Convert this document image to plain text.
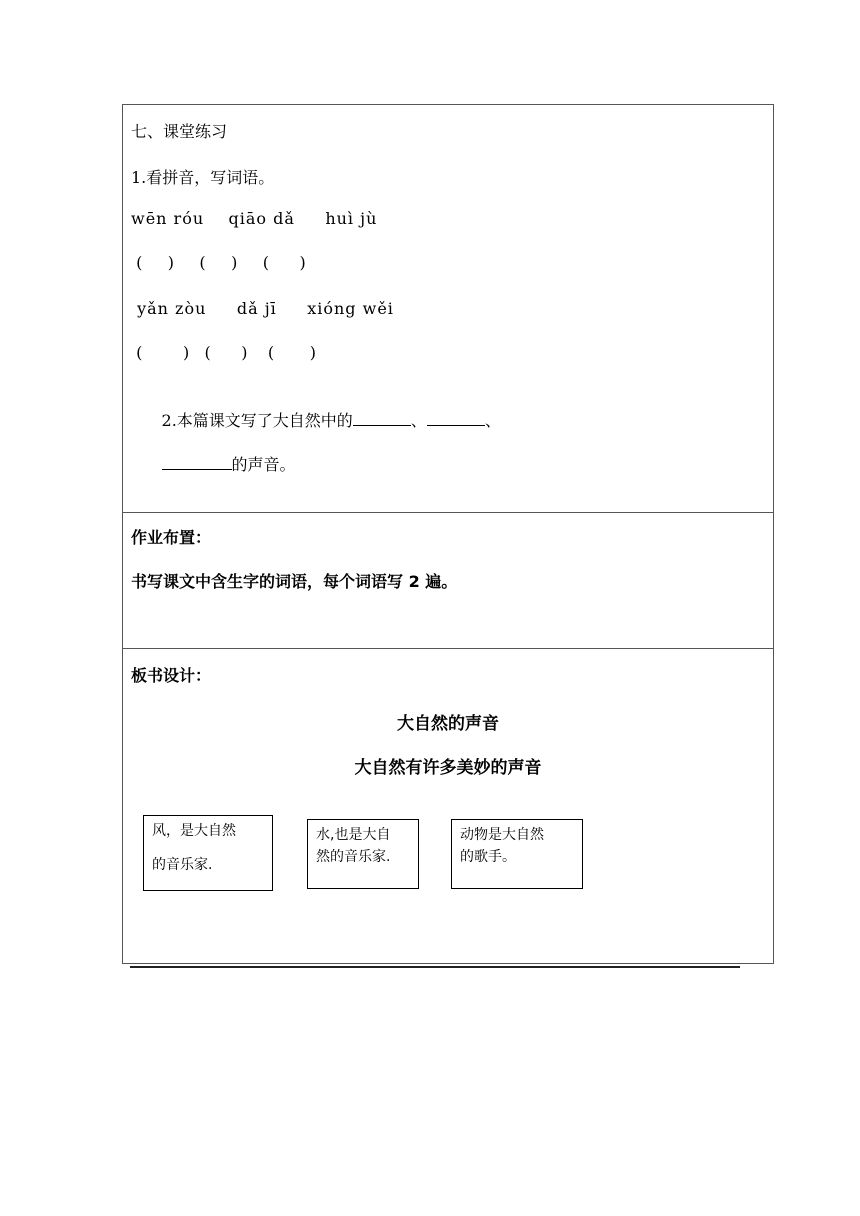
七、课堂练习
1.看拼音，写词语。
wēn róu    qiāo dǎ     huì jù
(     )     (     )     (      )
yǎn zòu     dǎ jī     xióng wěi
(        )   (      )    (       )

2.本篇课文写了大自然中的	、	、

的声音。

作业布置：
书写课文中含生字的词语，每个词语写 2 遍。
板书设计：
大自然的声音
大自然有许多美妙的声音
风，是大自然
的音乐家.
水,也是大自
然的音乐家.
动物是大自然
的歌手。
